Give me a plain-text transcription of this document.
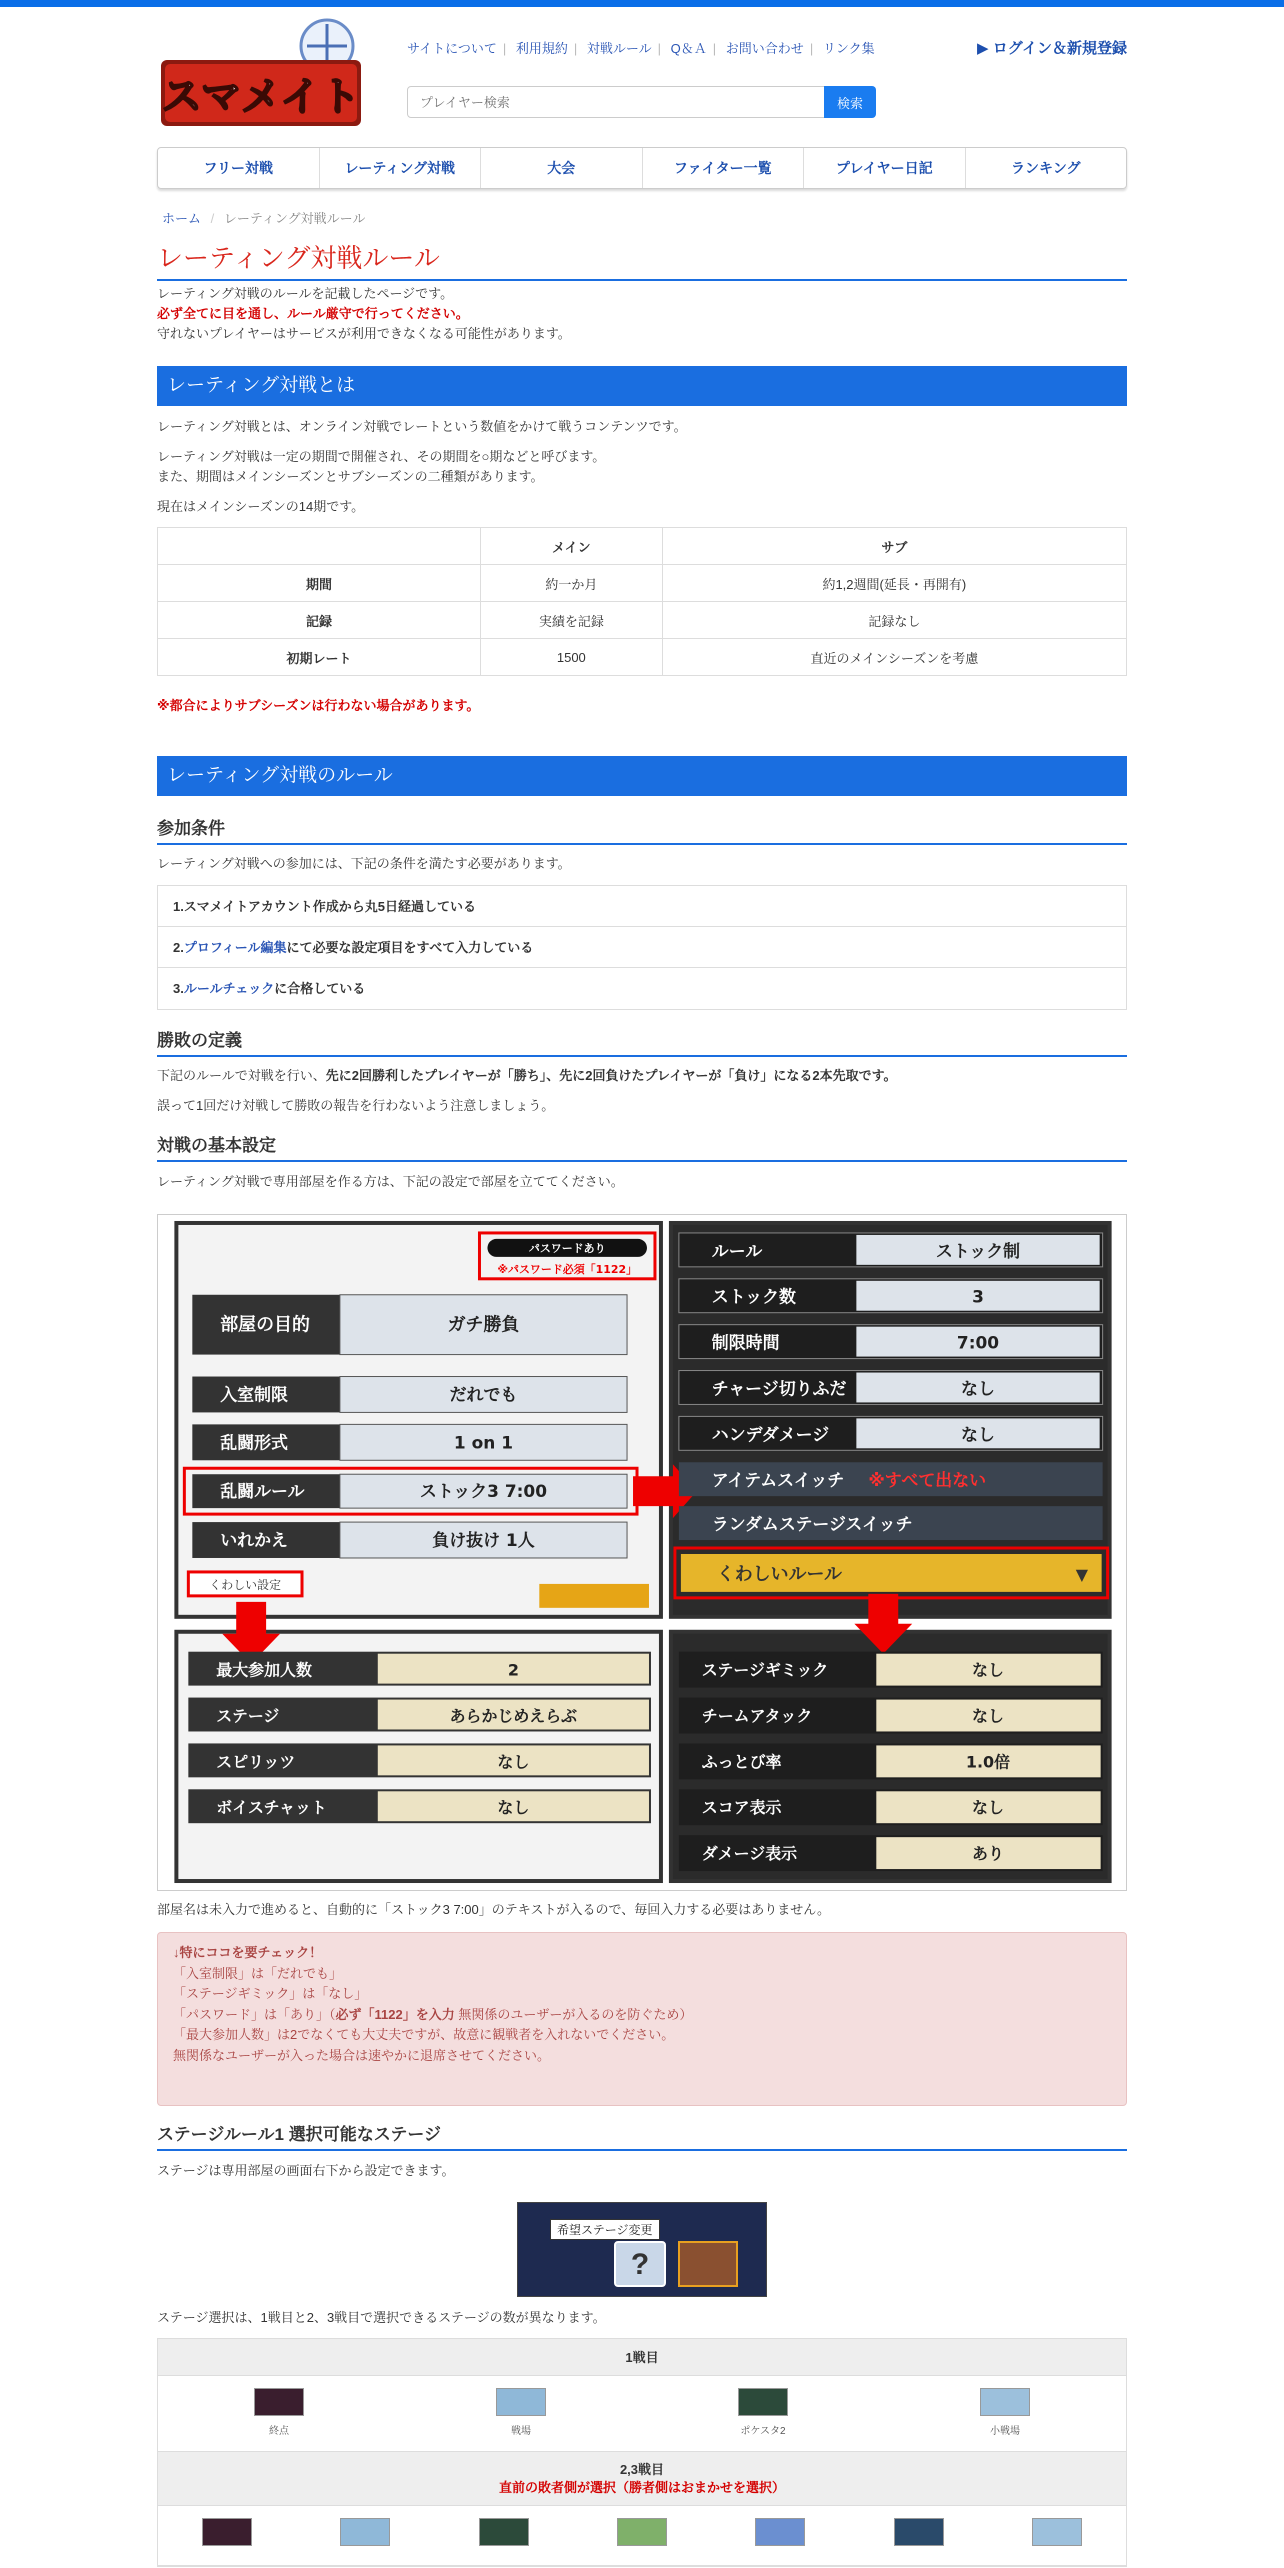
スマメイト
サイトについて | 利用規約 | 対戦ルール | Q＆Ａ | お問い合わせ | リンク集	▶ ログイン＆新規登録
プレイヤー検索
検索
フリー対戦	レーティング対戦	大会	ファイター一覧	プレイヤー日記	ランキング
ホーム / レーティング対戦ルール
レーティング対戦ルール
レーティング対戦のルールを記載したページです。
必ず全てに目を通し、ルール厳守で行ってください。
守れないプレイヤーはサービスが利用できなくなる可能性があります。
レーティング対戦とは
レーティング対戦とは、オンライン対戦でレートという数値をかけて戦うコンテンツです。
レーティング対戦は一定の期間で開催され、その期間を○期などと呼びます。
また、期間はメインシーズンとサブシーズンの二種類があります。
現在はメインシーズンの14期です。
	メイン	サブ
期間	約一か月	約1,2週間(延長・再開有)
記録	実績を記録	記録なし
初期レート	1500	直近のメインシーズンを考慮
※都合によりサブシーズンは行わない場合があります。
レーティング対戦のルール
参加条件
レーティング対戦への参加には、下記の条件を満たす必要があります。
1.スマメイトアカウント作成から丸5日経過している
2.プロフィール編集にて必要な設定項目をすべて入力している
3.ルールチェックに合格している
勝敗の定義
下記のルールで対戦を行い、先に2回勝利したプレイヤーが「勝ち」、先に2回負けたプレイヤーが「負け」になる2本先取です。
誤って1回だけ対戦して勝敗の報告を行わないよう注意しましょう。
対戦の基本設定
レーティング対戦で専用部屋を作る方は、下記の設定で部屋を立ててください。
パスワードあり
※パスワード必須「1122」
部屋の目的	ガチ勝負
入室制限	だれでも
乱闘形式	1 on 1
乱闘ルール	ストック3 7:00
いれかえ	負け抜け 1人
くわしい設定
ルール	ストック制
ストック数	3
制限時間	7:00
チャージ切りふだ	なし
ハンデダメージ	なし
アイテムスイッチ ※すべて出ない
ランダムステージスイッチ
くわしいルール	▼
最大参加人数	2
ステージ	あらかじめえらぶ
スピリッツ	なし
ボイスチャット	なし
ステージギミック	なし
チームアタック	なし
ふっとび率	1.0倍
スコア表示	なし
ダメージ表示	あり
部屋名は未入力で進めると、自動的に「ストック3 7:00」のテキストが入るので、毎回入力する必要はありません。
↓特にココを要チェック！
「入室制限」は「だれでも」
「ステージギミック」は「なし」
「パスワード」は「あり」（必ず「1122」を入力 無関係のユーザーが入るのを防ぐため）
「最大参加人数」は2でなくても大丈夫ですが、故意に観戦者を入れないでください。
無関係なユーザーが入った場合は速やかに退席させてください。
ステージルール1 選択可能なステージ
ステージは専用部屋の画面右下から設定できます。
希望ステージ変更
?
ステージ選択は、1戦目と2、3戦目で選択できるステージの数が異なります。
1戦目
終点	戦場	ポケスタ2	小戦場
2,3戦目
直前の敗者側が選択（勝者側はおまかせを選択）
